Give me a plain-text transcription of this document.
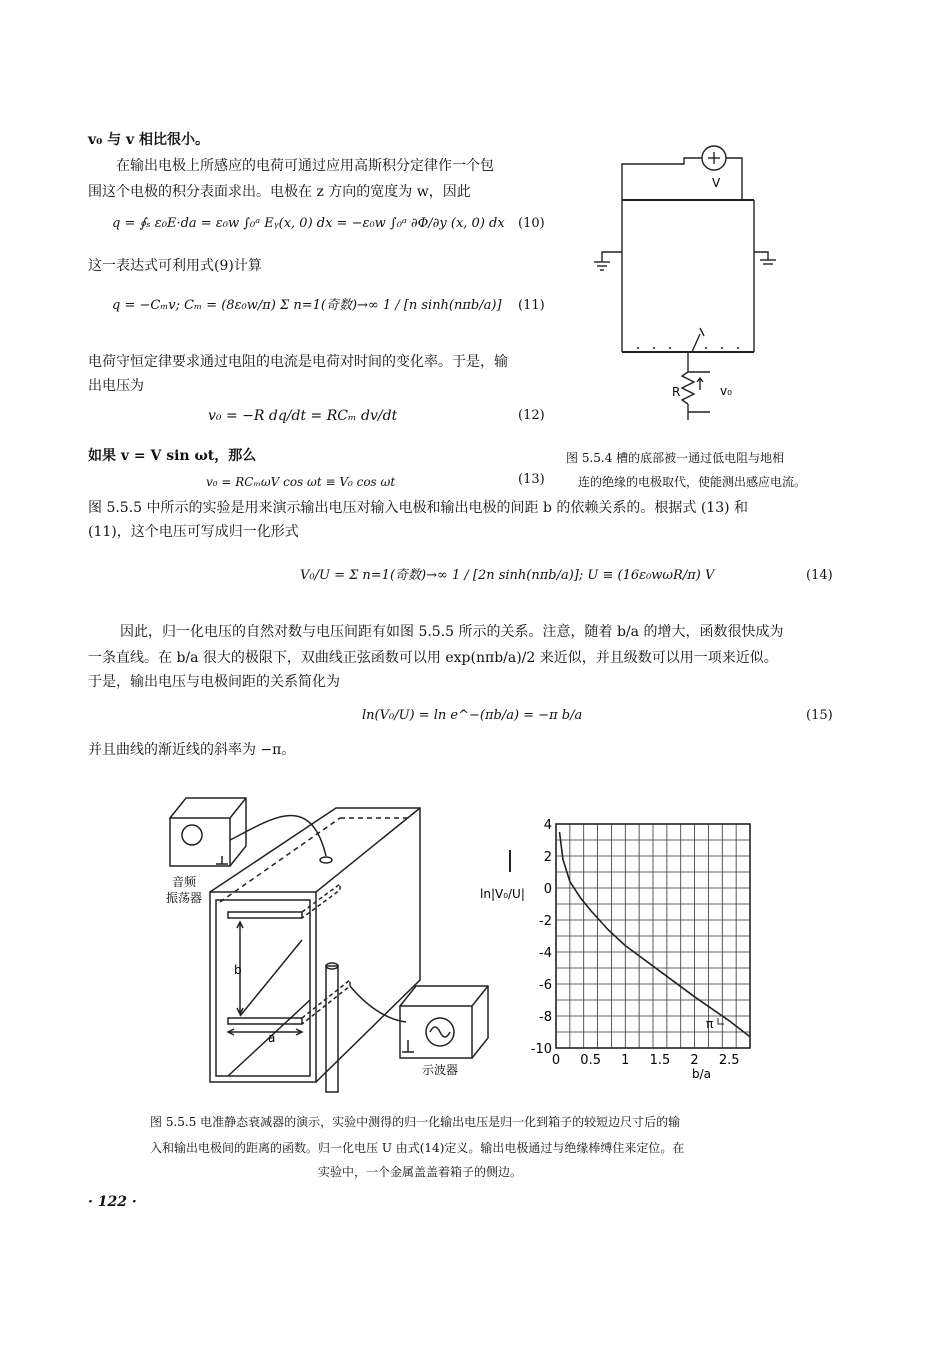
v₀ 与 v 相比很小。
在输出电极上所感应的电荷可通过应用高斯积分定律作一个包
围这个电极的积分表面求出。电极在 z 方向的宽度为 w，因此
q = ∮ₛ ε₀E·da = ε₀w ∫₀ᵃ Eᵧ(x, 0) dx = −ε₀w ∫₀ᵃ ∂Φ/∂y (x, 0) dx (10)
这一表达式可利用式(9)计算
q = −Cₘv; Cₘ = (8ε₀w/π) Σ n=1(奇数)→∞ 1 / [n sinh(nπb/a)] (11)
电荷守恒定律要求通过电阻的电流是电荷对时间的变化率。于是，输
出电压为
v₀ = −R dq/dt = RCₘ dv/dt	(12)
如果 v = V sin ωt，那么
v₀ = RCₘωV cos ωt ≡ V₀ cos ωt	(13)
图 5.5.4 槽的底部被一通过低电阻与地相
连的绝缘的电极取代，使能测出感应电流。
图 5.5.5 中所示的实验是用来演示输出电压对输入电极和输出电极的间距 b 的依赖关系的。根据式 (13) 和
(11)，这个电压可写成归一化形式
V₀/U = Σ n=1(奇数)→∞ 1 / [2n sinh(nπb/a)]; U ≡ (16ε₀wωR/π) V	(14)
因此，归一化电压的自然对数与电压间距有如图 5.5.5 所示的关系。注意，随着 b/a 的增大，函数很快成为
一条直线。在 b/a 很大的极限下，双曲线正弦函数可以用 exp(nπb/a)/2 来近似，并且级数可以用一项来近似。
于是，输出电压与电极间距的关系简化为
ln(V₀/U) = ln e^−(πb/a) = −π b/a	(15)
并且曲线的渐近线的斜率为 −π。
图 5.5.5 电准静态衰减器的演示，实验中测得的归一化输出电压是归一化到箱子的较短边尺寸后的输
入和输出电极间的距离的函数。归一化电压 U 由式(14)定义。输出电极通过与绝缘棒缚住来定位。在
实验中，一个金属盖盖着箱子的侧边。
· 122 ·
V
R	v₀
音频
振荡器
b
a
示波器
0 0.5 1 1.5 2 2.5
4
2
0
-2
-4
-6
-8
-10
ln|V₀/U|
b/a
π
